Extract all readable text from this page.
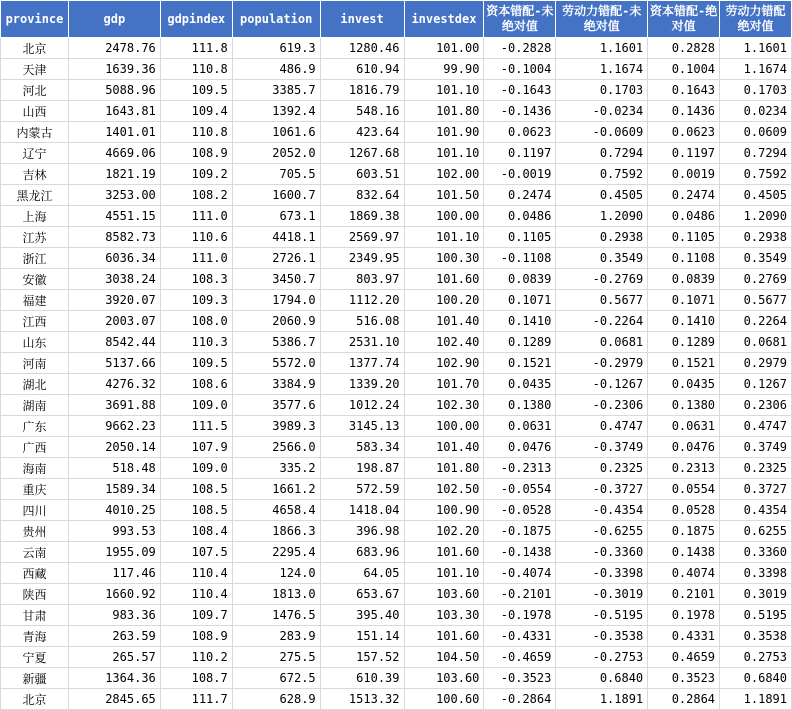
province	gdp	gdpindex	population	invest	investdex	资本错配-未绝对值	劳动力错配-未绝对值	资本错配-绝对值	劳动力错配绝对值
北京	2478.76	111.8	619.3	1280.46	101.00	-0.2828	1.1601	0.2828	1.1601
天津	1639.36	110.8	486.9	610.94	99.90	-0.1004	1.1674	0.1004	1.1674
河北	5088.96	109.5	3385.7	1816.79	101.10	-0.1643	0.1703	0.1643	0.1703
山西	1643.81	109.4	1392.4	548.16	101.80	-0.1436	-0.0234	0.1436	0.0234
内蒙古	1401.01	110.8	1061.6	423.64	101.90	0.0623	-0.0609	0.0623	0.0609
辽宁	4669.06	108.9	2052.0	1267.68	101.10	0.1197	0.7294	0.1197	0.7294
吉林	1821.19	109.2	705.5	603.51	102.00	-0.0019	0.7592	0.0019	0.7592
黑龙江	3253.00	108.2	1600.7	832.64	101.50	0.2474	0.4505	0.2474	0.4505
上海	4551.15	111.0	673.1	1869.38	100.00	0.0486	1.2090	0.0486	1.2090
江苏	8582.73	110.6	4418.1	2569.97	101.10	0.1105	0.2938	0.1105	0.2938
浙江	6036.34	111.0	2726.1	2349.95	100.30	-0.1108	0.3549	0.1108	0.3549
安徽	3038.24	108.3	3450.7	803.97	101.60	0.0839	-0.2769	0.0839	0.2769
福建	3920.07	109.3	1794.0	1112.20	100.20	0.1071	0.5677	0.1071	0.5677
江西	2003.07	108.0	2060.9	516.08	101.40	0.1410	-0.2264	0.1410	0.2264
山东	8542.44	110.3	5386.7	2531.10	102.40	0.1289	0.0681	0.1289	0.0681
河南	5137.66	109.5	5572.0	1377.74	102.90	0.1521	-0.2979	0.1521	0.2979
湖北	4276.32	108.6	3384.9	1339.20	101.70	0.0435	-0.1267	0.0435	0.1267
湖南	3691.88	109.0	3577.6	1012.24	102.30	0.1380	-0.2306	0.1380	0.2306
广东	9662.23	111.5	3989.3	3145.13	100.00	0.0631	0.4747	0.0631	0.4747
广西	2050.14	107.9	2566.0	583.34	101.40	0.0476	-0.3749	0.0476	0.3749
海南	518.48	109.0	335.2	198.87	101.80	-0.2313	0.2325	0.2313	0.2325
重庆	1589.34	108.5	1661.2	572.59	102.50	-0.0554	-0.3727	0.0554	0.3727
四川	4010.25	108.5	4658.4	1418.04	100.90	-0.0528	-0.4354	0.0528	0.4354
贵州	993.53	108.4	1866.3	396.98	102.20	-0.1875	-0.6255	0.1875	0.6255
云南	1955.09	107.5	2295.4	683.96	101.60	-0.1438	-0.3360	0.1438	0.3360
西藏	117.46	110.4	124.0	64.05	101.10	-0.4074	-0.3398	0.4074	0.3398
陕西	1660.92	110.4	1813.0	653.67	103.60	-0.2101	-0.3019	0.2101	0.3019
甘肃	983.36	109.7	1476.5	395.40	103.30	-0.1978	-0.5195	0.1978	0.5195
青海	263.59	108.9	283.9	151.14	101.60	-0.4331	-0.3538	0.4331	0.3538
宁夏	265.57	110.2	275.5	157.52	104.50	-0.4659	-0.2753	0.4659	0.2753
新疆	1364.36	108.7	672.5	610.39	103.60	-0.3523	0.6840	0.3523	0.6840
北京	2845.65	111.7	628.9	1513.32	100.60	-0.2864	1.1891	0.2864	1.1891
